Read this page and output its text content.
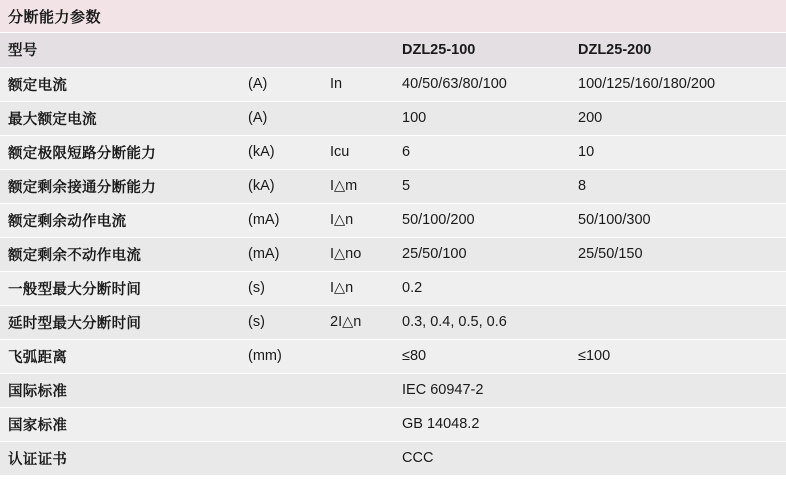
分断能力参数
型号			DZL25-100	DZL25-200
额定电流	(A)	In	40/50/63/80/100	100/125/160/180/200
最大额定电流	(A)		100	200
额定极限短路分断能力	(kA)	Icu	6	10
额定剩余接通分断能力	(kA)	I△m	5	8
额定剩余动作电流	(mA)	I△n	50/100/200	50/100/300
额定剩余不动作电流	(mA)	I△no	25/50/100	25/50/150
一般型最大分断时间	(s)	I△n	0.2	
延时型最大分断时间	(s)	2I△n	0.3, 0.4, 0.5, 0.6	
飞弧距离	(mm)		≤80	≤100
国际标准			IEC 60947-2	
国家标准			GB 14048.2	
认证证书			CCC	
